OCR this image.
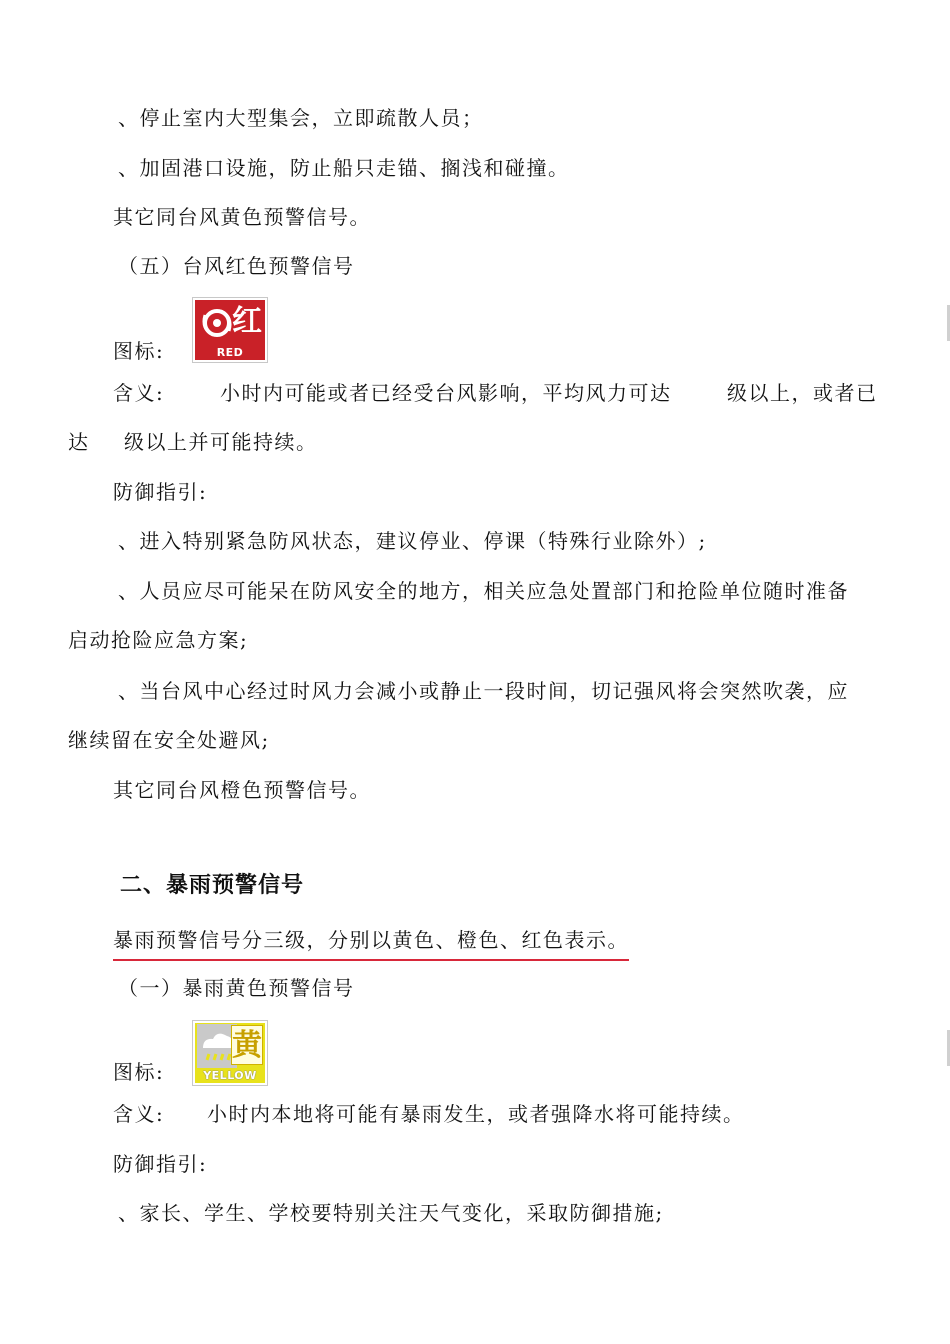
、停止室内大型集会，立即疏散人员；
、加固港口设施，防止船只走锚、搁浅和碰撞。
其它同台风黄色预警信号。
（五）台风红色预警信号
图标:
红
RED
含义:	小时内可能或者已经受台风影响，平均风力可达	级以上，或者已
达 级以上并可能持续。
防御指引:
、进入特别紧急防风状态，建议停业、停课（特殊行业除外）;
、人员应尽可能呆在防风安全的地方，相关应急处置部门和抢险单位随时准备
启动抢险应急方案;
、当台风中心经过时风力会减小或静止一段时间，切记强风将会突然吹袭，应
继续留在安全处避风;
其它同台风橙色预警信号。
二、暴雨预警信号
暴雨预警信号分三级，分别以黄色、橙色、红色表示。
（一）暴雨黄色预警信号
图标:
黄
YELLOW
含义: 小时内本地将可能有暴雨发生，或者强降水将可能持续。
防御指引:
、家长、学生、学校要特别关注天气变化，采取防御措施;
